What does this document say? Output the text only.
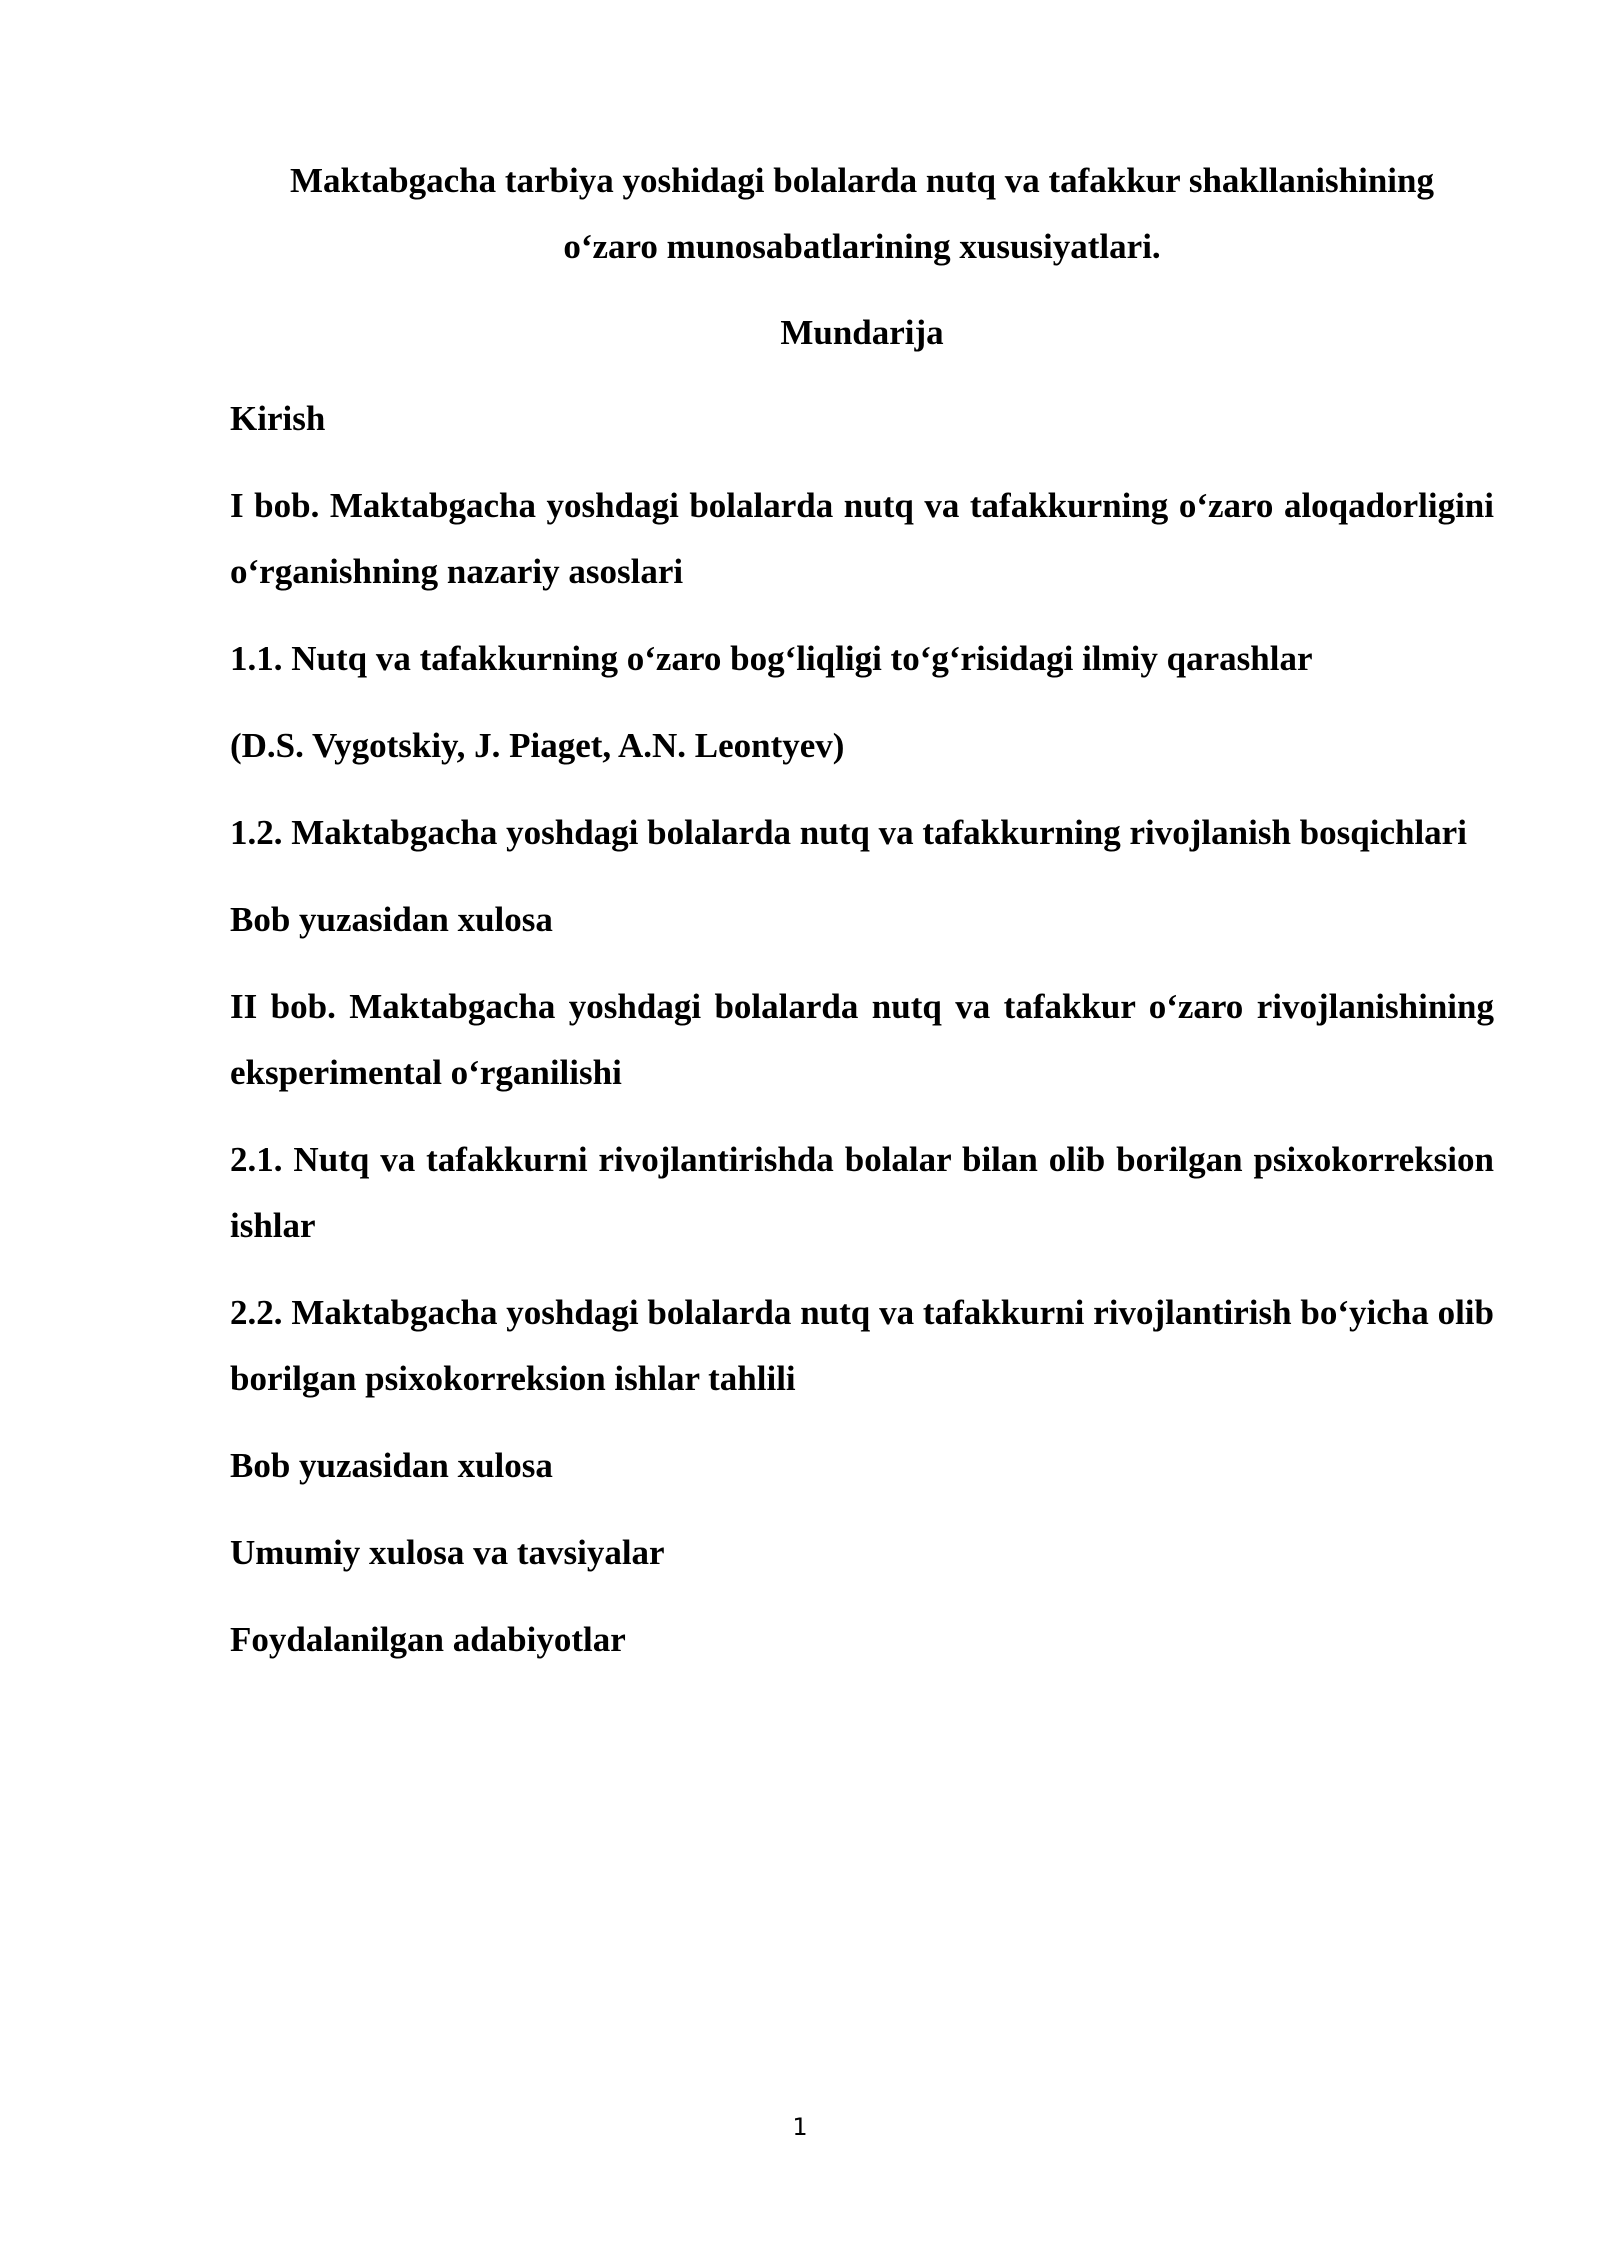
Maktabgacha tarbiya yoshidagi bolalarda nutq va tafakkur shakllanishining
o‘zaro munosabatlarining xususiyatlari.
Mundarija
Kirish
I bob. Maktabgacha yoshdagi bolalarda nutq va tafakkurning o‘zaro aloqadorligini o‘rganishning nazariy asoslari
1.1. Nutq va tafakkurning o‘zaro bog‘liqligi to‘g‘risidagi ilmiy qarashlar
(D.S. Vygotskiy, J. Piaget, A.N. Leontyev)
1.2. Maktabgacha yoshdagi bolalarda nutq va tafakkurning rivojlanish bosqichlari
Bob yuzasidan xulosa
II bob. Maktabgacha yoshdagi bolalarda nutq va tafakkur o‘zaro rivojlanishining eksperimental o‘rganilishi
2.1. Nutq va tafakkurni rivojlantirishda bolalar bilan olib borilgan psixokorreksion ishlar
2.2. Maktabgacha yoshdagi bolalarda nutq va tafakkurni rivojlantirish bo‘yicha olib borilgan psixokorreksion ishlar tahlili
Bob yuzasidan xulosa
Umumiy xulosa va tavsiyalar
Foydalanilgan adabiyotlar
1
